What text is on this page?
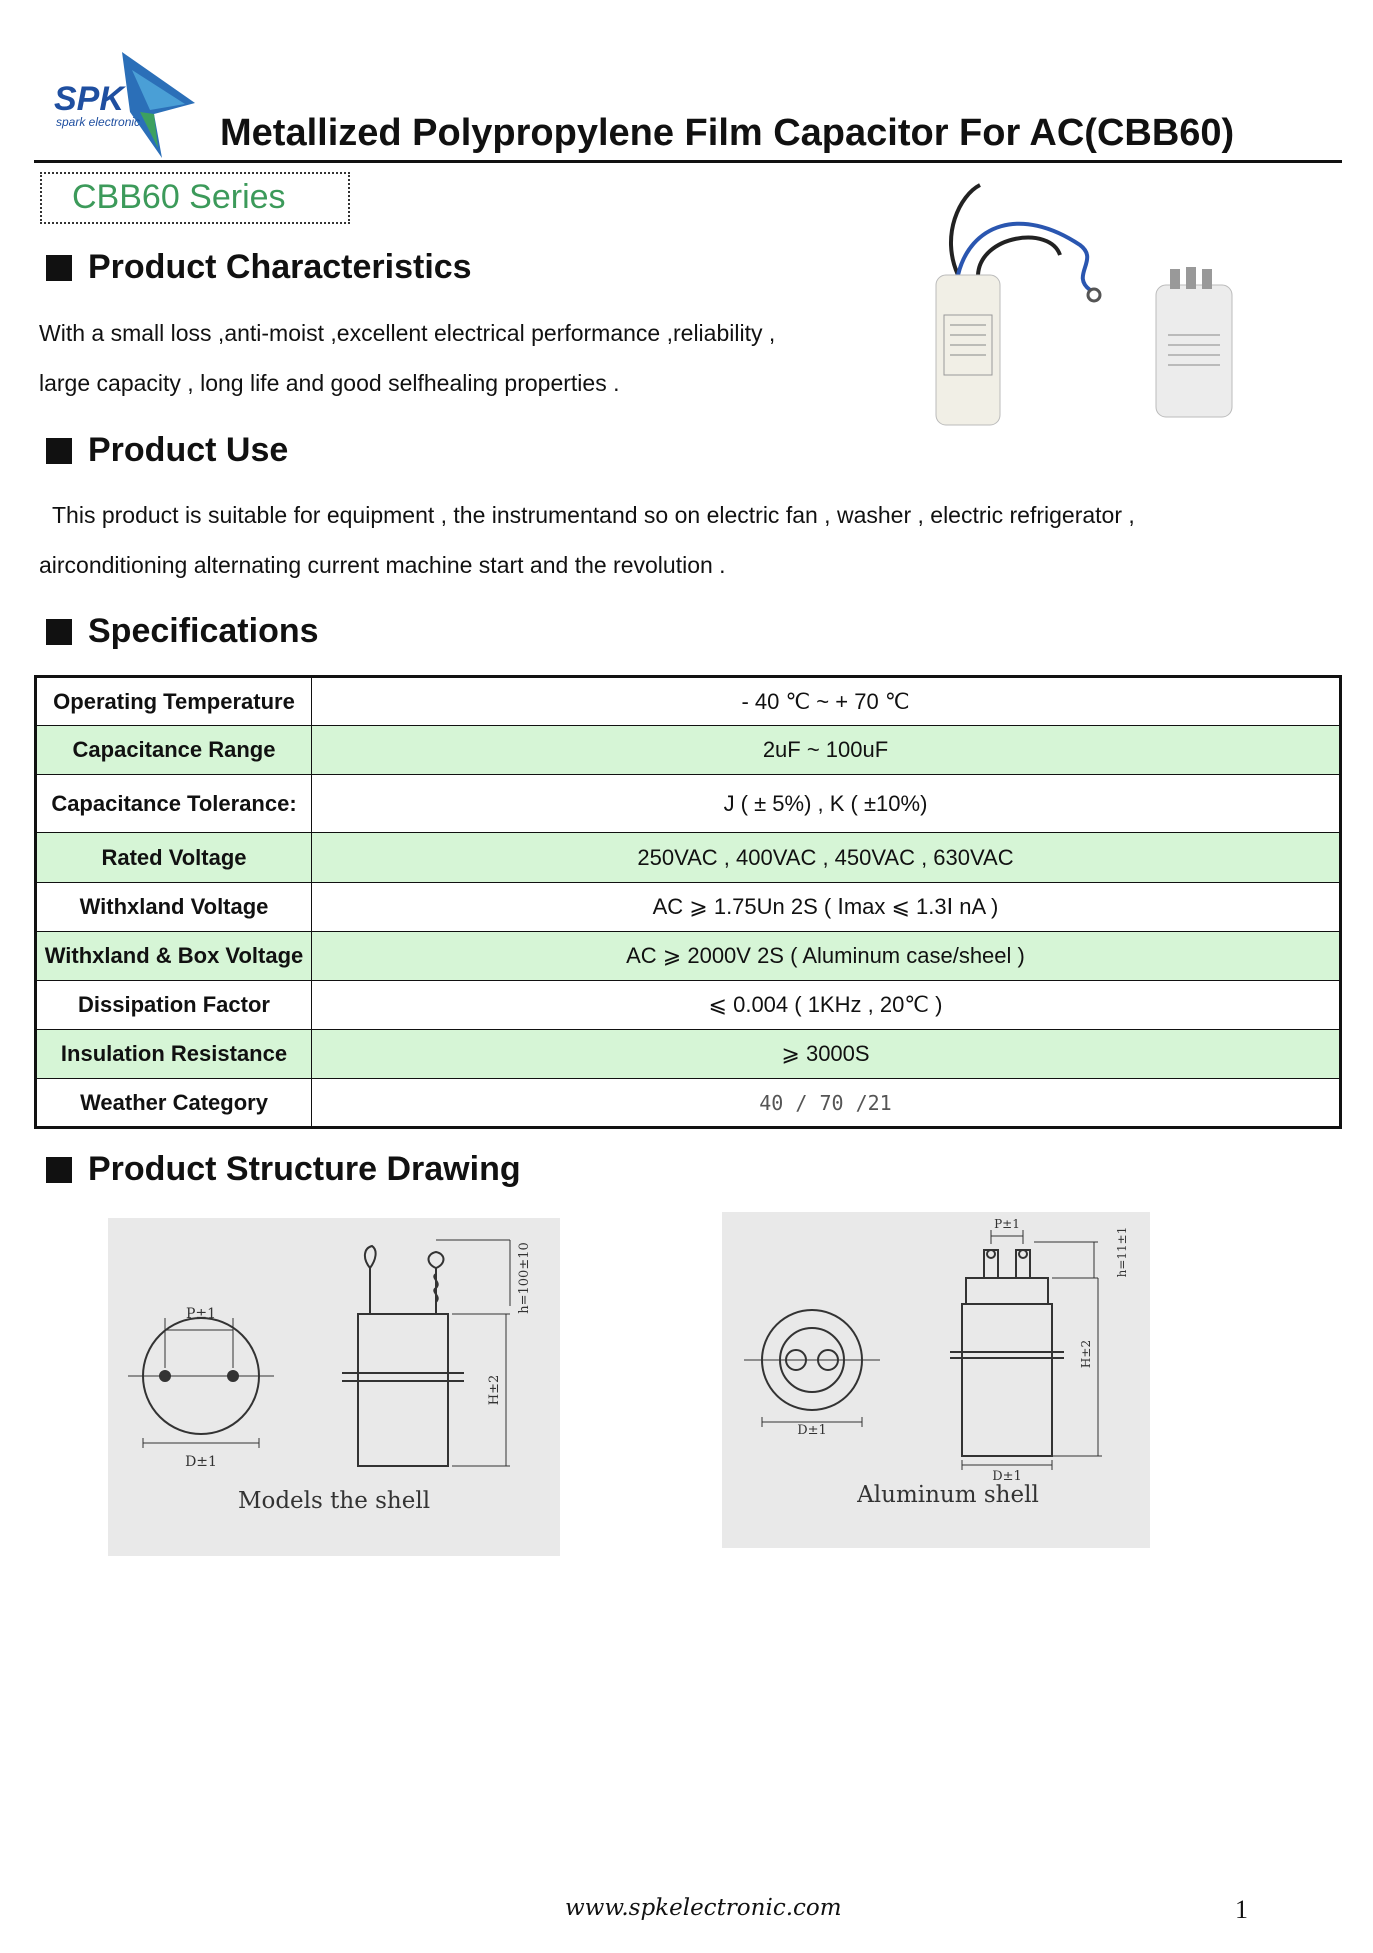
SPK
spark electronic Metallized Polypropylene Film Capacitor For AC(CBB60)
CBB60 Series
Product Characteristics
With a small loss ,anti-moist ,excellent electrical performance ,reliability ,
large capacity , long life and good selfhealing properties .
Product Use
This product is suitable for equipment , the instrumentand so on electric fan , washer , electric refrigerator ,
airconditioning alternating current machine start and the revolution .
Specifications
Operating Temperature	- 40 ℃ ~ + 70 ℃
Capacitance Range	2uF ~ 100uF
Capacitance Tolerance:	J ( ± 5%) , K ( ±10%)
Rated Voltage	250VAC , 400VAC , 450VAC , 630VAC
Withxland Voltage	AC ⩾ 1.75Un 2S ( Ⅰmax ⩽ 1.3Ⅰ nA )
Withxland & Box Voltage	AC ⩾ 2000V 2S ( Aluminum case/sheel )
Dissipation Factor	⩽ 0.004 ( 1KHz , 20℃ )
Insulation Resistance	⩾ 3000S
Weather Category	40 / 70 /21
Product Structure Drawing
P±1
D±1
H±2
h=100±10
Models the shell
D±1
P±1
D±1
H±2
h=11±1
Aluminum shell
www.spkelectronic.com	1
